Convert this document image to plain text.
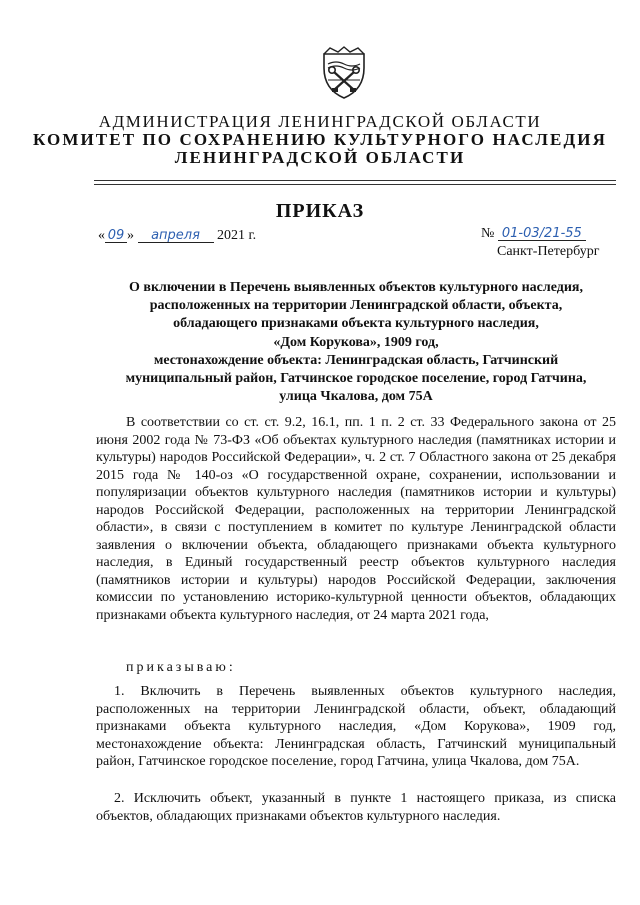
АДМИНИСТРАЦИЯ ЛЕНИНГРАДСКОЙ ОБЛАСТИ
КОМИТЕТ ПО СОХРАНЕНИЮ КУЛЬТУРНОГО НАСЛЕДИЯ
ЛЕНИНГРАДСКОЙ ОБЛАСТИ
ПРИКАЗ
« 09 » апреля 2021 г.	№ 01-03/21-55
Санкт-Петербург
О включении в Перечень выявленных объектов культурного наследия,
расположенных на территории Ленинградской области, объекта,
обладающего признаками объекта культурного наследия,
«Дом Корукова», 1909 год,
местонахождение объекта: Ленинградская область, Гатчинский
муниципальный район, Гатчинское городское поселение, город Гатчина,
улица Чкалова, дом 75А
В соответствии со ст. ст. 9.2, 16.1, пп. 1 п. 2 ст. 33 Федерального закона от 25 июня 2002 года № 73-ФЗ «Об объектах культурного наследия (памятниках истории и культуры) народов Российской Федерации», ч. 2 ст. 7 Областного закона от 25 декабря 2015 года № 140-оз «О государственной охране, сохранении, использовании и популяризации объектов культурного наследия (памятников истории и культуры) народов Российской Федерации, расположенных на территории Ленинградской области», в связи с поступлением в комитет по культуре Ленинградской области заявления о включении объекта, обладающего признаками объекта культурного наследия, в Единый государственный реестр объектов культурного наследия (памятников истории и культуры) народов Российской Федерации, заключения комиссии по установлению историко-культурной ценности объектов, обладающих признаками объекта культурного наследия, от 24 марта 2021 года,
приказываю:
1. Включить в Перечень выявленных объектов культурного наследия, расположенных на территории Ленинградской области, объект, обладающий признаками объекта культурного наследия, «Дом Корукова», 1909 год, местонахождение объекта: Ленинградская область, Гатчинский муниципальный район, Гатчинское городское поселение, город Гатчина, улица Чкалова, дом 75А.
2. Исключить объект, указанный в пункте 1 настоящего приказа, из списка объектов, обладающих признаками объектов культурного наследия.
